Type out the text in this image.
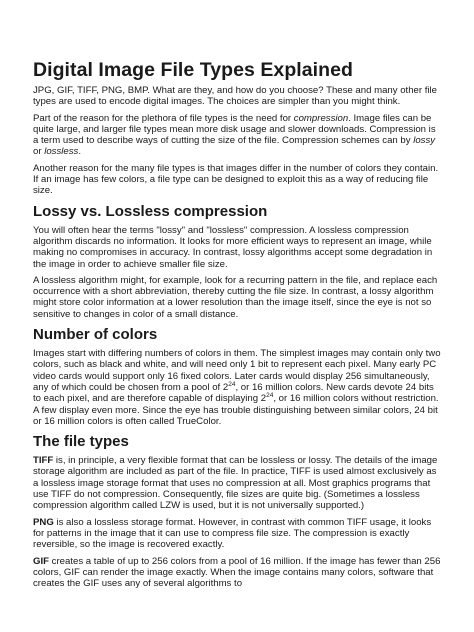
Digital Image File Types Explained

JPG, GIF, TIFF, PNG, BMP. What are they, and how do you choose? These and many other file types are used to encode digital images. The choices are simpler than you might think.

Part of the reason for the plethora of file types is the need for compression. Image files can be quite large, and larger file types mean more disk usage and slower downloads. Compression is a term used to describe ways of cutting the size of the file. Compression schemes can by lossy or lossless.

Another reason for the many file types is that images differ in the number of colors they contain. If an image has few colors, a file type can be designed to exploit this as a way of reducing file size.

Lossy vs. Lossless compression

You will often hear the terms "lossy" and "lossless" compression. A lossless compression algorithm discards no information. It looks for more efficient ways to represent an image, while making no compromises in accuracy. In contrast, lossy algorithms accept some degradation in the image in order to achieve smaller file size.

A lossless algorithm might, for example, look for a recurring pattern in the file, and replace each occurrence with a short abbreviation, thereby cutting the file size. In contrast, a lossy algorithm might store color information at a lower resolution than the image itself, since the eye is not so sensitive to changes in color of a small distance.

Number of colors

Images start with differing numbers of colors in them. The simplest images may contain only two colors, such as black and white, and will need only 1 bit to represent each pixel. Many early PC video cards would support only 16 fixed colors. Later cards would display 256 simultaneously, any of which could be chosen from a pool of $2^{24}$, or 16 million colors. New cards devote 24 bits to each pixel, and are therefore capable of displaying $2^{24}$, or 16 million colors without restriction. A few display even more. Since the eye has trouble distinguishing between similar colors, 24 bit or 16 million colors is often called TrueColor.

The file types

TIFF is, in principle, a very flexible format that can be lossless or lossy. The details of the image storage algorithm are included as part of the file. In practice, TIFF is used almost exclusively as a lossless image storage format that uses no compression at all. Most graphics programs that use TIFF do not compression. Consequently, file sizes are quite big. (Sometimes a lossless compression algorithm called LZW is used, but it is not universally supported.)

PNG is also a lossless storage format. However, in contrast with common TIFF usage, it looks for patterns in the image that it can use to compress file size. The compression is exactly reversible, so the image is recovered exactly.

GIF creates a table of up to 256 colors from a pool of 16 million. If the image has fewer than 256 colors, GIF can render the image exactly. When the image contains many colors, software that creates the GIF uses any of several algorithms to
